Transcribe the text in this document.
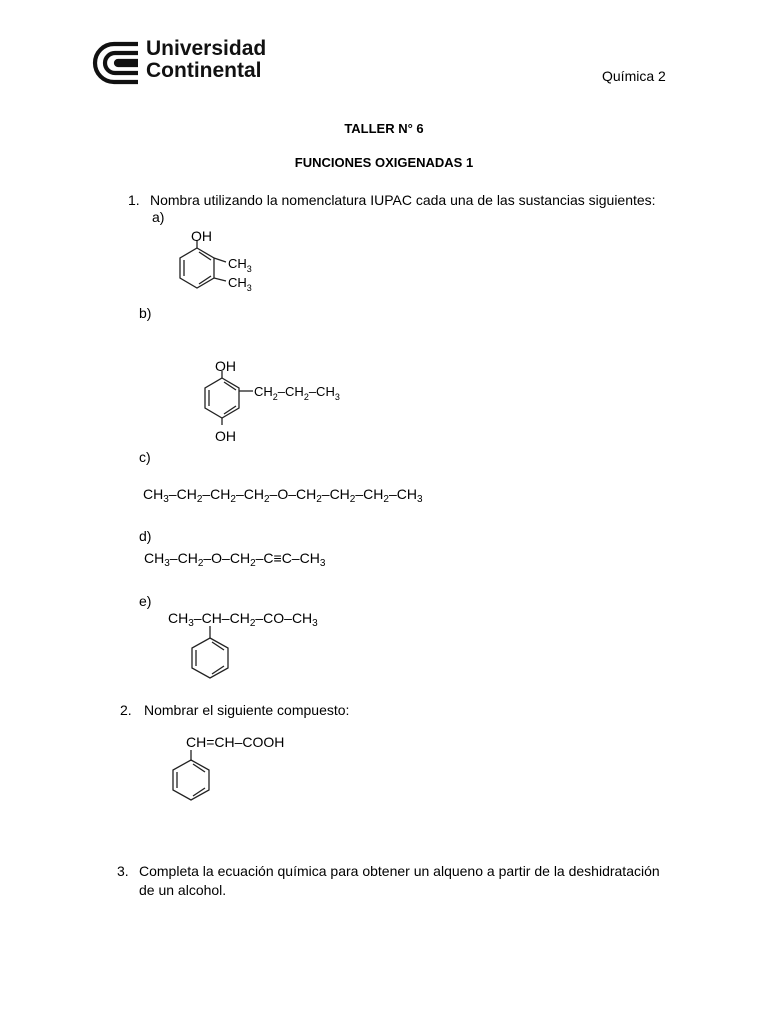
Universidad
Continental	Química 2
TALLER N° 6
FUNCIONES OXIGENADAS 1
1. Nombra utilizando la nomenclatura IUPAC cada una de las sustancias siguientes:
a)
OH
$CH_3$
$CH_3$
b)
OH
OH
$CH_2-CH_2-CH_3$
c)
$CH_3-CH_2-CH_2-CH_2-O-CH_2-CH_2-CH_2-CH_3$
d)
$CH_3-CH_2-O-CH_2-C\equiv C-CH_3$
e)
$CH_3-CH-CH_2-CO-CH_3$
2. Nombrar el siguiente compuesto:
CH=CH–COOH
3. Completa la ecuación química para obtener un alqueno a partir de la deshidratación
de un alcohol.
